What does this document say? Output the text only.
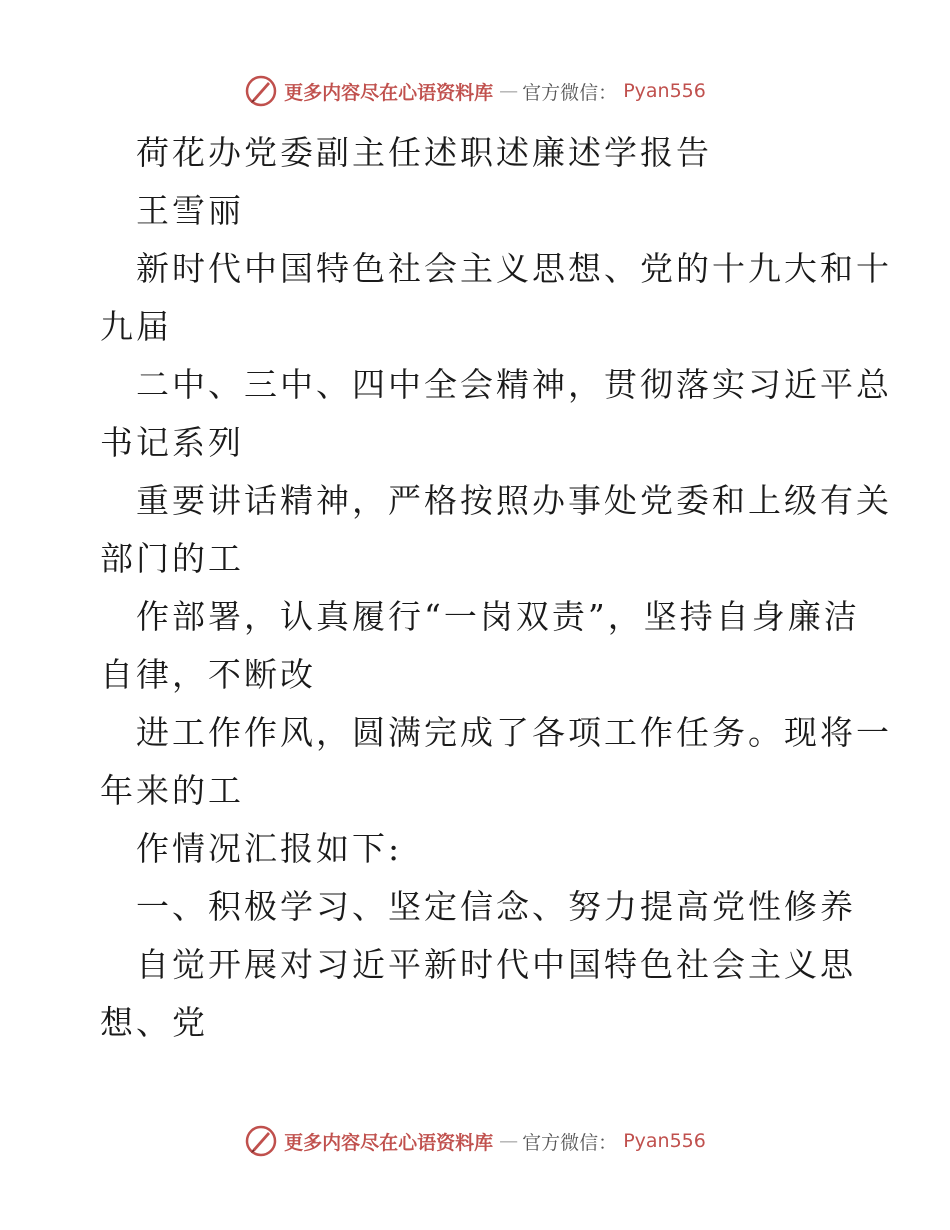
更多内容尽在心语资料库 — 官方微信： Pyan556
荷花办党委副主任述职述廉述学报告
王雪丽
新时代中国特色社会主义思想、党的十九大和十
九届
二中、三中、四中全会精神，贯彻落实习近平总
书记系列
重要讲话精神，严格按照办事处党委和上级有关
部门的工
作部署，认真履行“一岗双责”，坚持自身廉洁
自律，不断改
进工作作风，圆满完成了各项工作任务。现将一
年来的工
作情况汇报如下:
一、积极学习、坚定信念、努力提高党性修养
自觉开展对习近平新时代中国特色社会主义思
想、党
更多内容尽在心语资料库 — 官方微信： Pyan556
